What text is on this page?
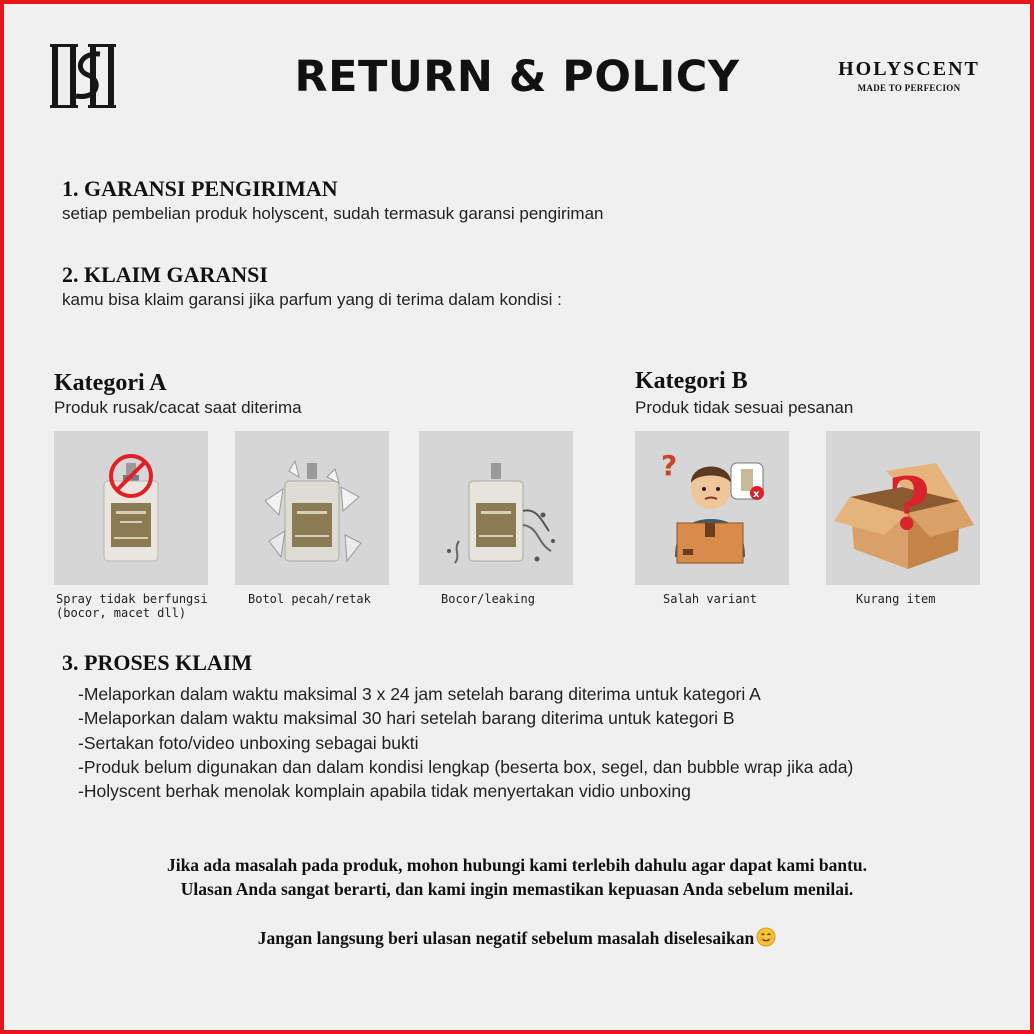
RETURN & POLICY	HOLYSCENT
MADE TO PERFECION
1. GARANSI PENGIRIMAN
setiap pembelian produk holyscent, sudah termasuk garansi pengiriman
2. KLAIM GARANSI
kamu bisa klaim garansi jika parfum yang di terima dalam kondisi :
Kategori A
Produk rusak/cacat saat diterima
Kategori B
Produk tidak sesuai pesanan
Spray tidak berfungsi
(bocor, macet dll)
Botol pecah/retak	Bocor/leaking
?
x
Salah variant
?
Kurang item
3. PROSES KLAIM
-Melaporkan dalam waktu maksimal 3 x 24 jam setelah barang diterima untuk kategori A
-Melaporkan dalam waktu maksimal 30 hari setelah barang diterima untuk kategori B
-Sertakan foto/video unboxing sebagai bukti
-Produk belum digunakan dan dalam kondisi lengkap (beserta box, segel, dan bubble wrap jika ada)
-Holyscent berhak menolak komplain apabila tidak menyertakan vidio unboxing
Jika ada masalah pada produk, mohon hubungi kami terlebih dahulu agar dapat kami bantu.
Ulasan Anda sangat berarti, dan kami ingin memastikan kepuasan Anda sebelum menilai.
Jangan langsung beri ulasan negatif sebelum masalah diselesaikan
